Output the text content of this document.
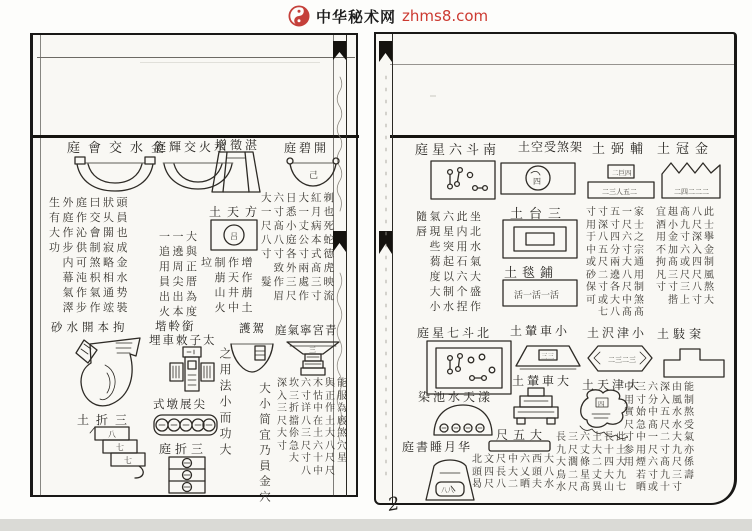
中华秘术网 zhms8.com
庭會交水金
庭輝交火水
增徵湛 庭碧開
己
土天方
吕
生外庭曰狀頭
有庭作交乆員
大作沁會閞也
功步供制寂成
　内可煞略金
　幕沌枳相水
　氣作氣通势
　濢步作竤裝
一一大
追遶與
用周正
員尖厝
出出為
火本度
垃制作增
　萠天作
　山井萠
　火中土
大六日大紅剃
一寸悉一月也
尺髙小丈病死
八八庭公本蛇
寸寸各寸式德
　致外兩髙虎
髮作三處三映
　眉尺作寸流
砂水開本拘
土折三
八
七
七
堦軨銜
埋車敇子太
式墩展尖
庭折三 之用法小而功大
護駕
大小简宜乃員金穴
庭氣寧宮青
三
深坎六木與能
入三寸怙正服
三折详中作為
尺擋八在土廏
大伱三土大煞
寸急尺六八穴
　大寸十尺星
　　八中尺
庭星六斗南 土空受煞架 土弼輔 土冠金
四
二巨四
二三人五二	二四二二二
土台三
隨氣六此坐
唇現星内北
　些突用水
　蒭起石氣
　度以六大
　大制个盛
　小水捏作
土毯鋪
活一活一活
寸寸五一家
用深寸尺士
于八四六之
中五分寸宗
或尺兩大通
砂二遶八用
保寸各尺制
可或大中煞
　七八髙髙
宜趄髙八此
酒小九尺士
用金寸深擧
不加六入金
拘髙或四制
凡三尺尺風
寸寸三八熬
　揩上寸大
庭星七斗北 土輦車小 土沢津小 土馶㭐
三三
土輦車大
二三二三
土天津大
染池水天漾	四
尺五大
庭書睡月华
八八
北文尺中六西大
頭四長大乂頭八
曷尺八二晒夫水
長三六土長此
九尺丈大十土
大濶條二四大
鳥二星丈大九
水尺髙異山七
中三六深由能
用寸分入風制
實始中五水熬
尺急髙尺水受
寸中一二大氣
参用尺寸九亦
用煙六髙尺係
　若寸九三壽
　晒或十寸
2
